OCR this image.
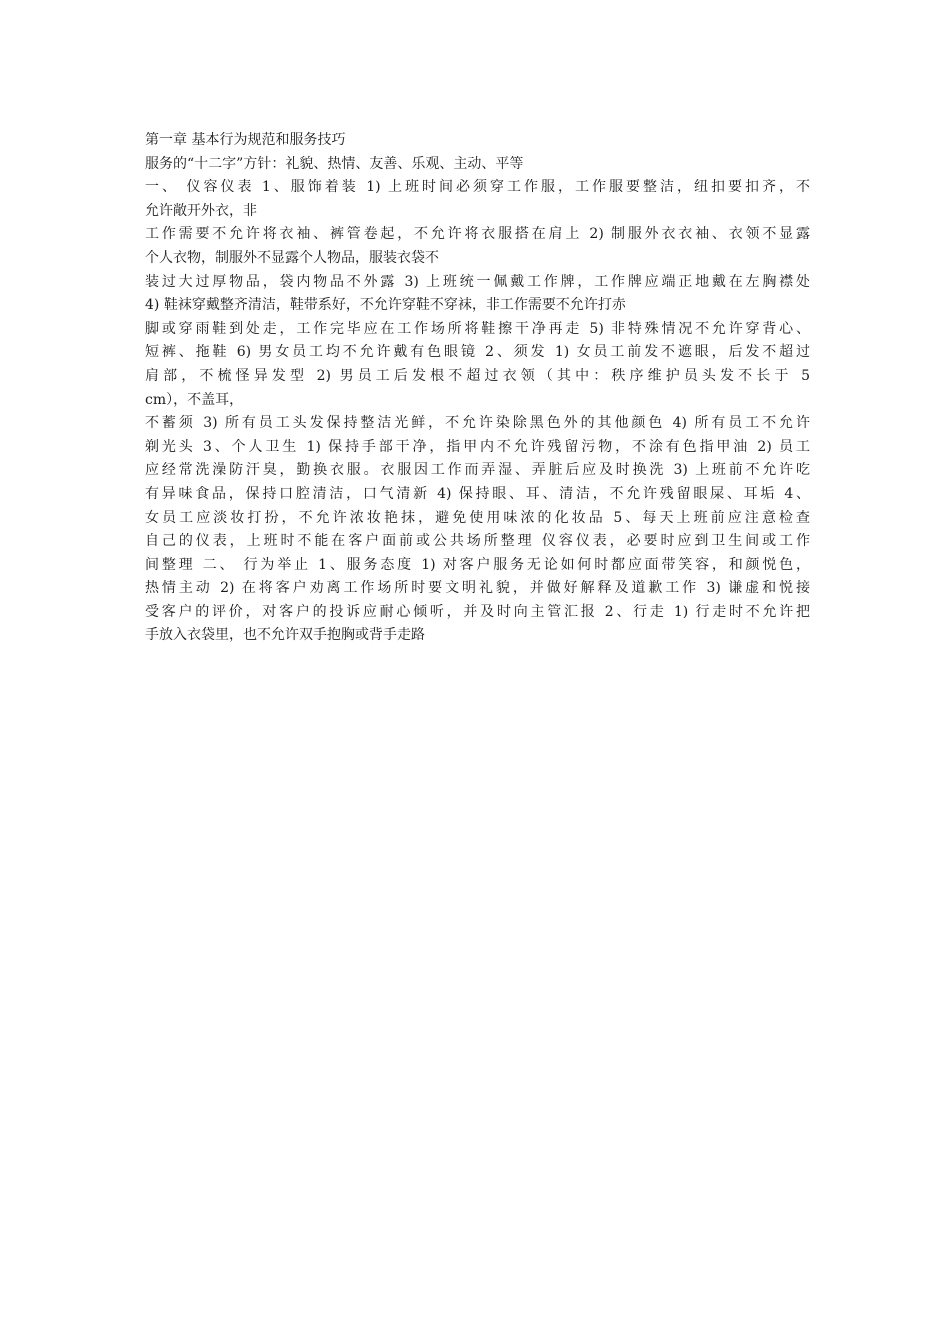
第一章 基本行为规范和服务技巧
服务的“十二字”方针：礼貌、热情、友善、乐观、主动、平等
一、 仪容仪表 1、服饰着装 1) 上班时间必须穿工作服，工作服要整洁，纽扣要扣齐，不
允许敞开外衣，非
工作需要不允许将衣袖、裤管卷起，不允许将衣服搭在肩上 2) 制服外衣衣袖、衣领不显露
个人衣物，制服外不显露个人物品，服装衣袋不
装过大过厚物品，袋内物品不外露 3) 上班统一佩戴工作牌，工作牌应端正地戴在左胸襟处
4) 鞋袜穿戴整齐清洁，鞋带系好，不允许穿鞋不穿袜，非工作需要不允许打赤
脚或穿雨鞋到处走，工作完毕应在工作场所将鞋擦干净再走 5) 非特殊情况不允许穿背心、
短裤、拖鞋 6) 男女员工均不允许戴有色眼镜 2、须发 1) 女员工前发不遮眼，后发不超过
肩部，不梳怪异发型 2) 男员工后发根不超过衣领（其中：秩序维护员头发不长于 5
cm），不盖耳，
不蓄须 3) 所有员工头发保持整洁光鲜，不允许染除黑色外的其他颜色 4) 所有员工不允许
剃光头 3、个人卫生 1) 保持手部干净，指甲内不允许残留污物，不涂有色指甲油 2) 员工
应经常洗澡防汗臭，勤换衣服。衣服因工作而弄湿、弄脏后应及时换洗 3) 上班前不允许吃
有异味食品，保持口腔清洁，口气清新 4) 保持眼、耳、清洁，不允许残留眼屎、耳垢 4、
女员工应淡妆打扮，不允许浓妆艳抹，避免使用味浓的化妆品 5、每天上班前应注意检查
自己的仪表，上班时不能在客户面前或公共场所整理 仪容仪表，必要时应到卫生间或工作
间整理 二、 行为举止 1、服务态度 1) 对客户服务无论如何时都应面带笑容，和颜悦色，
热情主动 2) 在将客户劝离工作场所时要文明礼貌，并做好解释及道歉工作 3) 谦虚和悦接
受客户的评价，对客户的投诉应耐心倾听，并及时向主管汇报 2、行走 1) 行走时不允许把
手放入衣袋里，也不允许双手抱胸或背手走路
